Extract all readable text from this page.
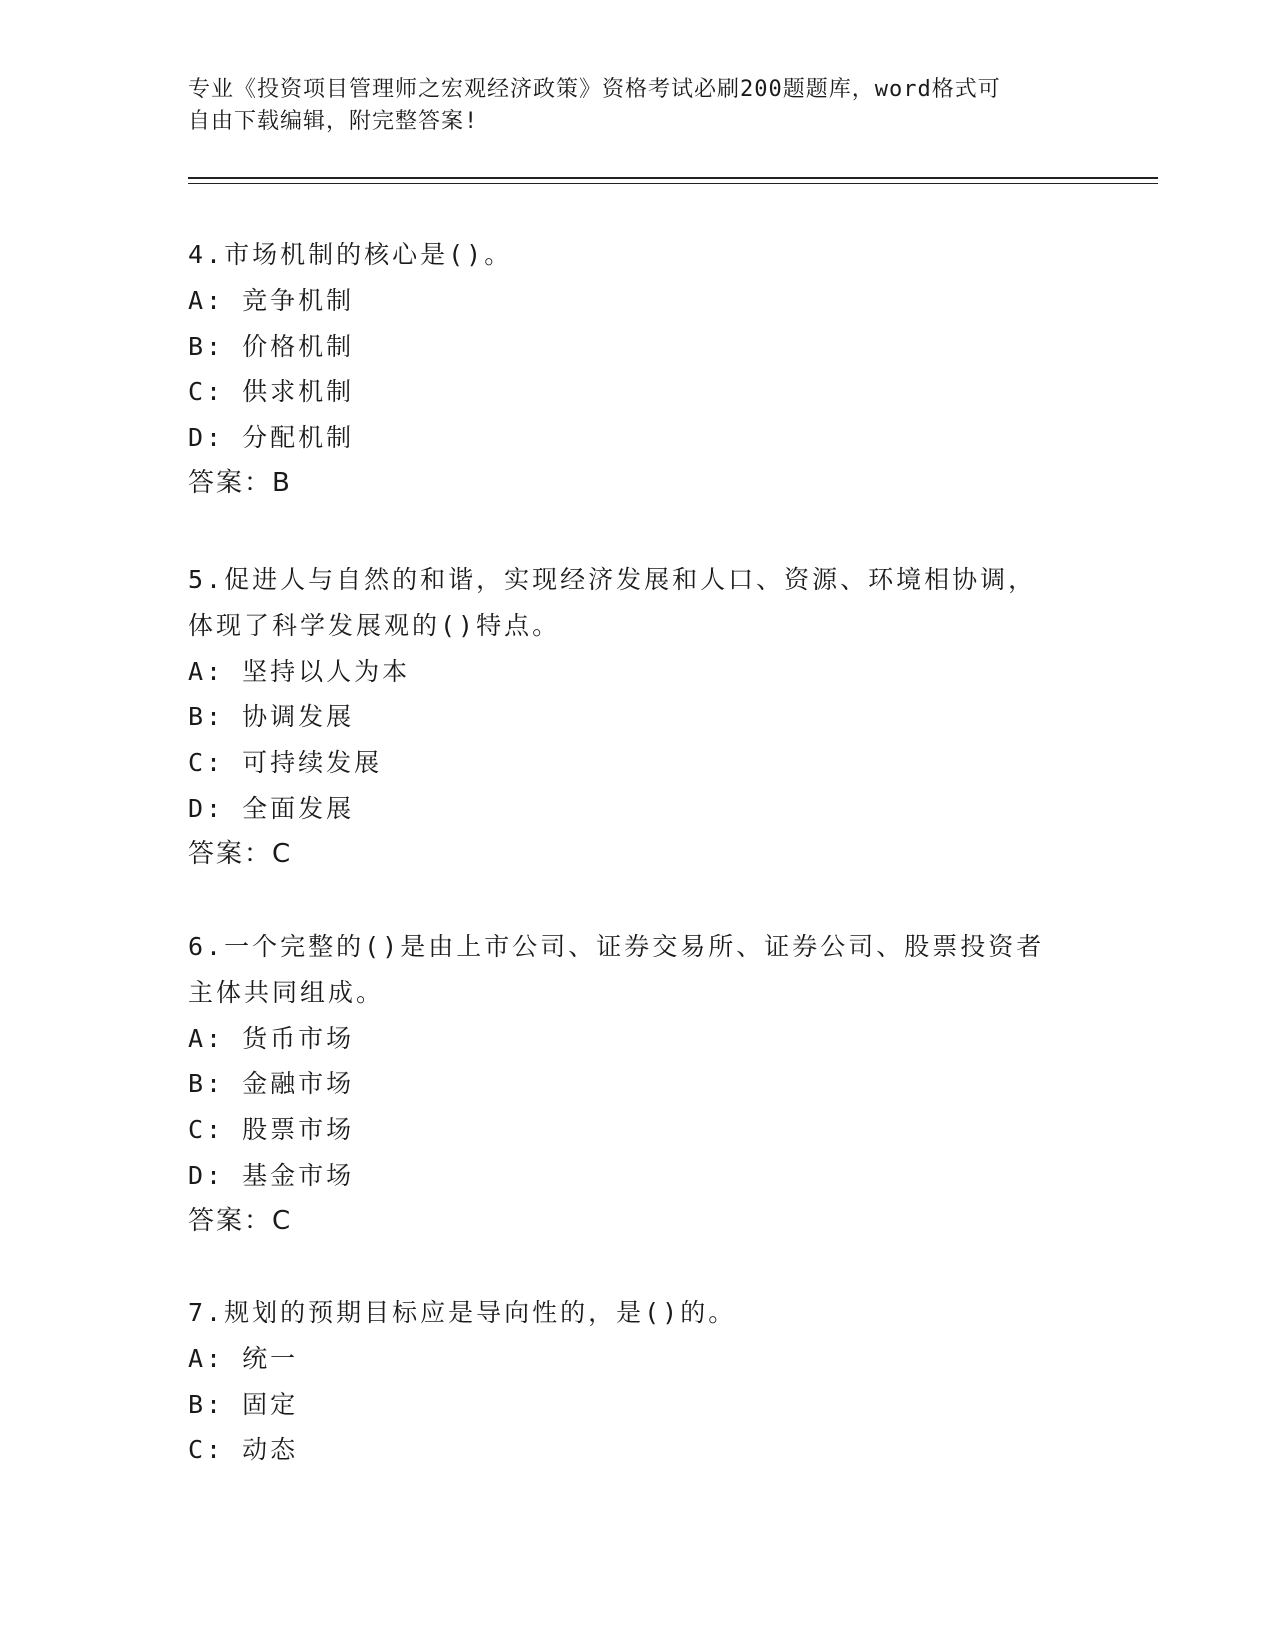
专业《投资项目管理师之宏观经济政策》资格考试必刷200题题库，word格式可
自由下载编辑，附完整答案!
4.市场机制的核心是()。
A: 竞争机制
B: 价格机制
C: 供求机制
D: 分配机制
答案：B
5.促进人与自然的和谐，实现经济发展和人口、资源、环境相协调，
体现了科学发展观的()特点。
A: 坚持以人为本
B: 协调发展
C: 可持续发展
D: 全面发展
答案：C
6.一个完整的()是由上市公司、证券交易所、证券公司、股票投资者
主体共同组成。
A: 货币市场
B: 金融市场
C: 股票市场
D: 基金市场
答案：C
7.规划的预期目标应是导向性的，是()的。
A: 统一
B: 固定
C: 动态
